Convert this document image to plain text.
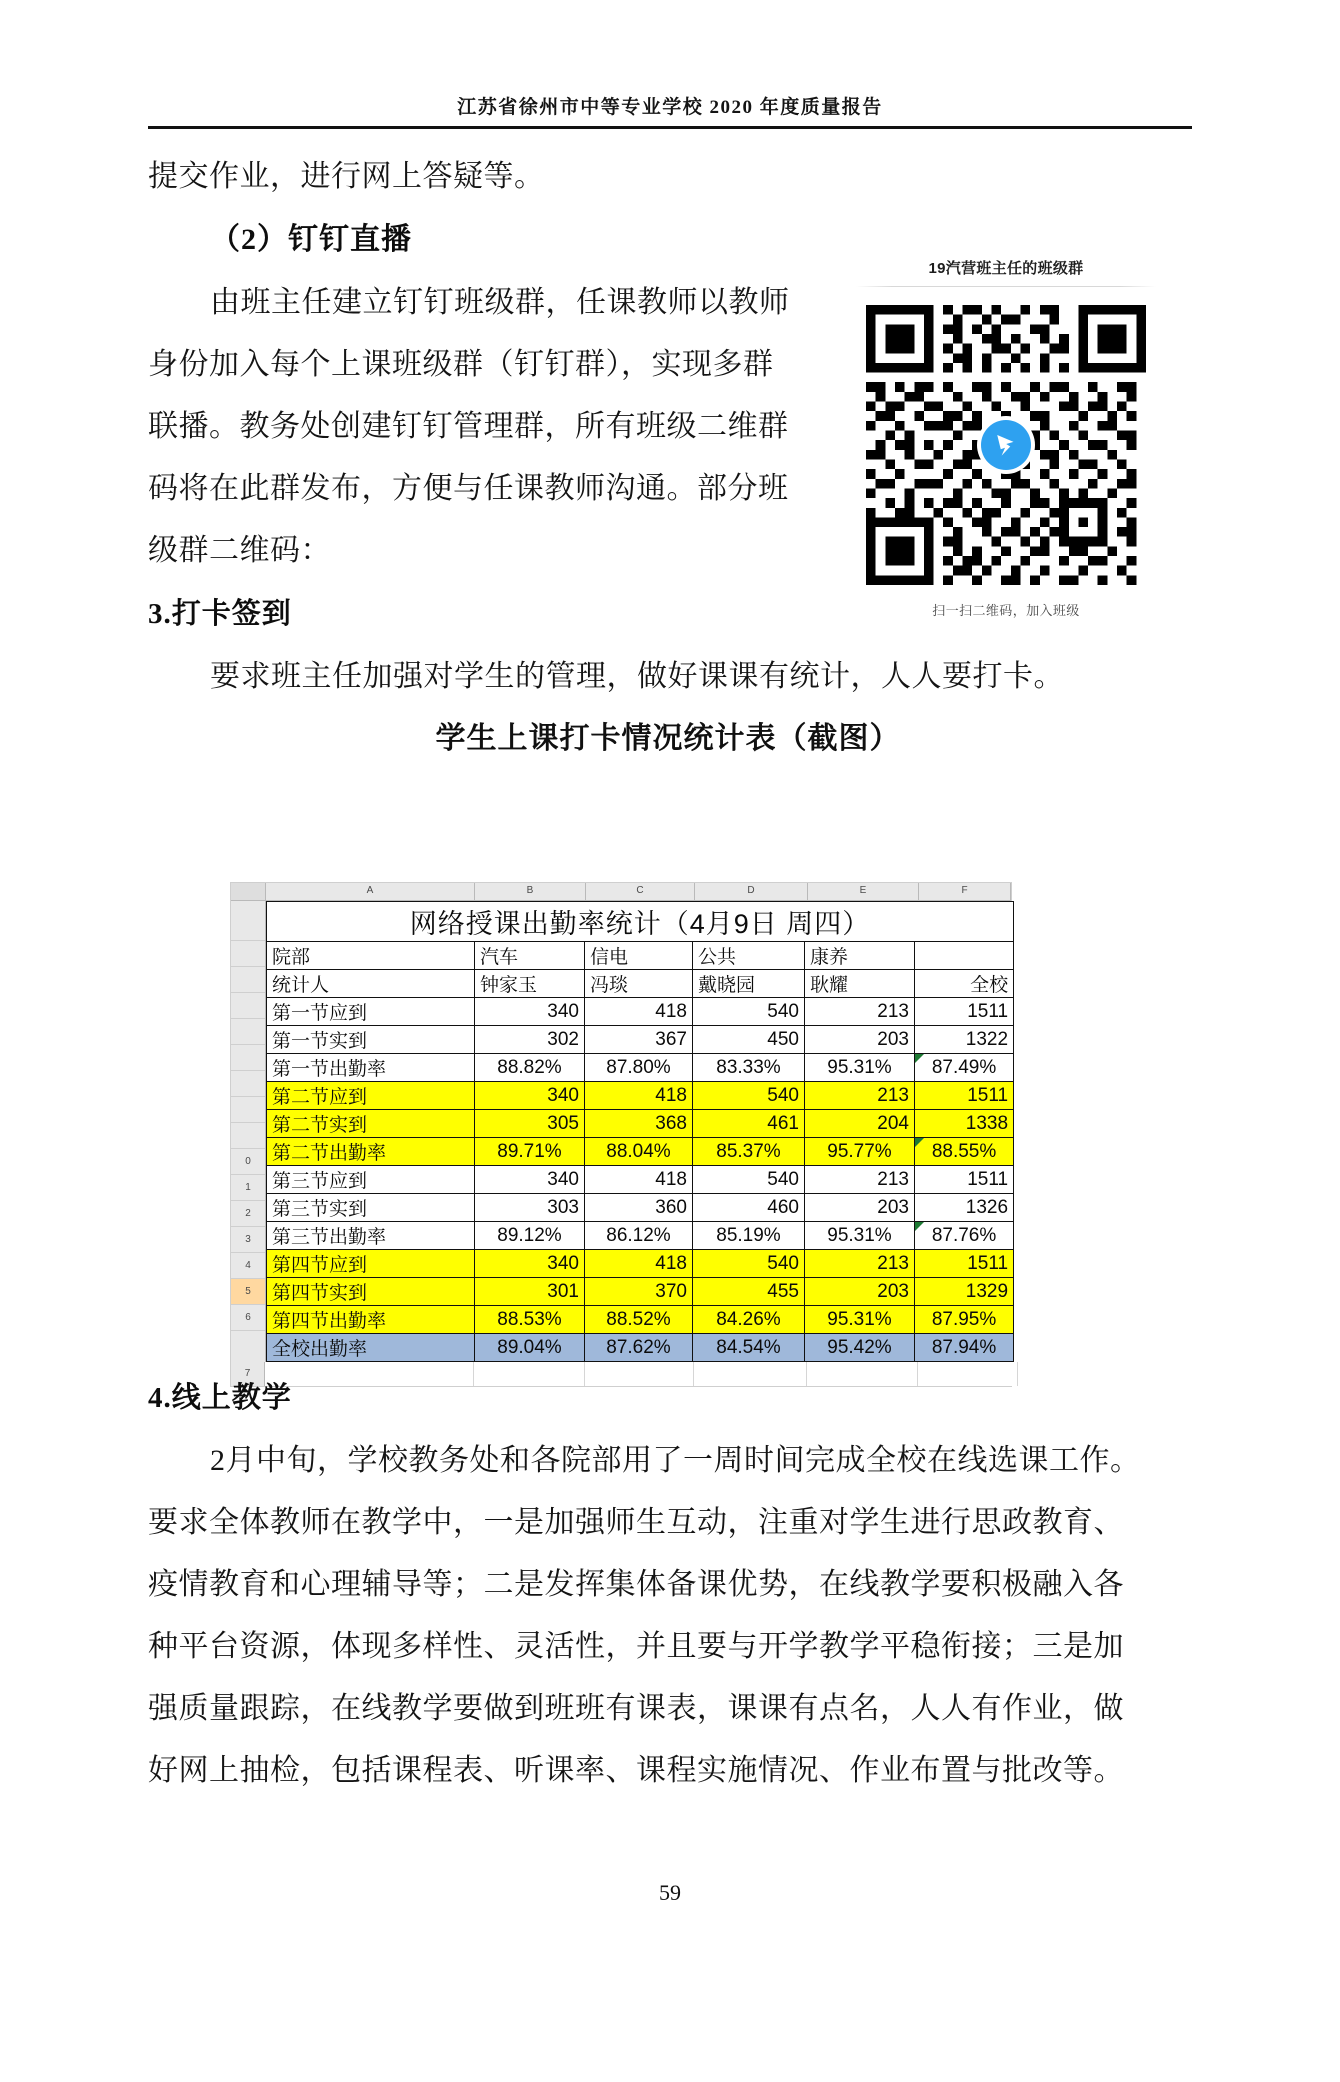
江苏省徐州市中等专业学校 2020 年度质量报告
19汽营班主任的班级群
扫一扫二维码，加入班级

提交作业，进行网上答疑等。

（2）钉钉直播

由班主任建立钉钉班级群，任课教师以教师

身份加入每个上课班级群（钉钉群），实现多群

联播。教务处创建钉钉管理群，所有班级二维群

码将在此群发布，方便与任课教师沟通。部分班

级群二维码：

3.打卡签到

要求班主任加强对学生的管理，做好课课有统计，人人要打卡。

学生上课打卡情况统计表（截图）

A	B	C	D	E	F
0
1
2
3
4
5
6
网络授课出勤率统计（4月9日 周四）					
院部	汽车	信电	公共	康养	
统计人	钟家玉	冯琰	戴晓园	耿耀	全校
第一节应到	340	418	540	213	1511
第一节实到	302	367	450	203	1322
第一节出勤率	88.82%	87.80%	83.33%	95.31%	87.49%
第二节应到	340	418	540	213	1511
第二节实到	305	368	461	204	1338
第二节出勤率	89.71%	88.04%	85.37%	95.77%	88.55%
第三节应到	340	418	540	213	1511
第三节实到	303	360	460	203	1326
第三节出勤率	89.12%	86.12%	85.19%	95.31%	87.76%
第四节应到	340	418	540	213	1511
第四节实到	301	370	455	203	1329
第四节出勤率	88.53%	88.52%	84.26%	95.31%	87.95%
全校出勤率	89.04%	87.62%	84.54%	95.42%	87.94%
7
4.线上教学

2月中旬，学校教务处和各院部用了一周时间完成全校在线选课工作。

要求全体教师在教学中，一是加强师生互动，注重对学生进行思政教育、

疫情教育和心理辅导等；二是发挥集体备课优势，在线教学要积极融入各

种平台资源，体现多样性、灵活性，并且要与开学教学平稳衔接；三是加

强质量跟踪，在线教学要做到班班有课表，课课有点名，人人有作业，做

好网上抽检，包括课程表、听课率、课程实施情况、作业布置与批改等。

59
